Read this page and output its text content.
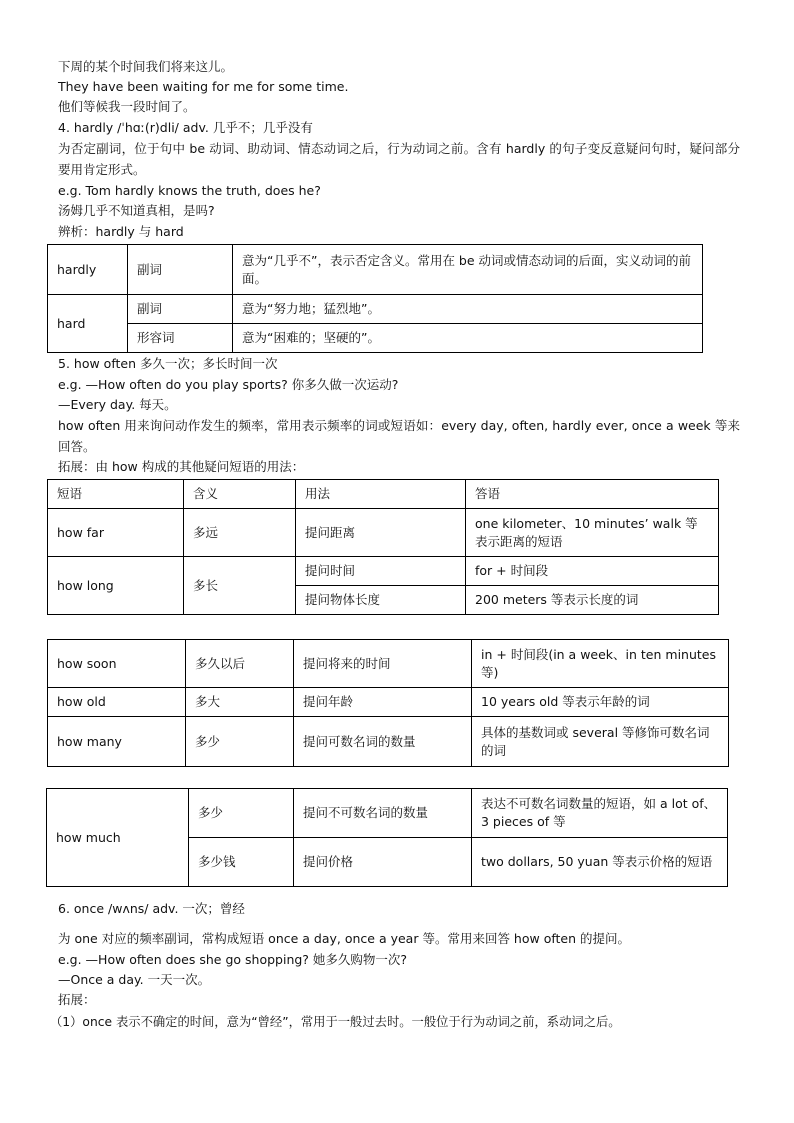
下周的某个时间我们将来这儿。
They have been waiting for me for some time.
他们等候我一段时间了。
4. hardly /ˈhɑː(r)dli/ adv. 几乎不；几乎没有
为否定副词，位于句中 be 动词、助动词、情态动词之后，行为动词之前。含有 hardly 的句子变反意疑问句时，疑问部分要用肯定形式。
e.g. Tom hardly knows the truth, does he?
汤姆几乎不知道真相，是吗?
辨析：hardly 与 hard
hardly	副词	意为“几乎不”，表示否定含义。常用在 be 动词或情态动词的后面，实义动词的前面。
hard	副词	意为“努力地；猛烈地”。
	形容词	意为“困难的；坚硬的”。
5. how often 多久一次；多长时间一次
e.g. —How often do you play sports? 你多久做一次运动?
—Every day. 每天。
how often 用来询问动作发生的频率，常用表示频率的词或短语如：every day, often, hardly ever, once a week 等来回答。
拓展：由 how 构成的其他疑问短语的用法：
短语	含义	用法	答语
how far	多远	提问距离	one kilometer、10 minutes’ walk 等表示距离的短语
how long	多长	提问时间	for + 时间段
		提问物体长度	200 meters 等表示长度的词
how soon	多久以后	提问将来的时间	in + 时间段(in a week、in ten minutes 等)
how old	多大	提问年龄	10 years old 等表示年龄的词
how many	多少	提问可数名词的数量	具体的基数词或 several 等修饰可数名词的词
how much	多少	提问不可数名词的数量	表达不可数名词数量的短语，如 a lot of、3 pieces of 等
	多少钱	提问价格	two dollars, 50 yuan 等表示价格的短语
6. once /wʌns/ adv. 一次；曾经
为 one 对应的频率副词，常构成短语 once a day, once a year 等。常用来回答 how often 的提问。
e.g. —How often does she go shopping? 她多久购物一次?
—Once a day. 一天一次。
拓展：
（1）once 表示不确定的时间，意为“曾经”，常用于一般过去时。一般位于行为动词之前，系动词之后。
